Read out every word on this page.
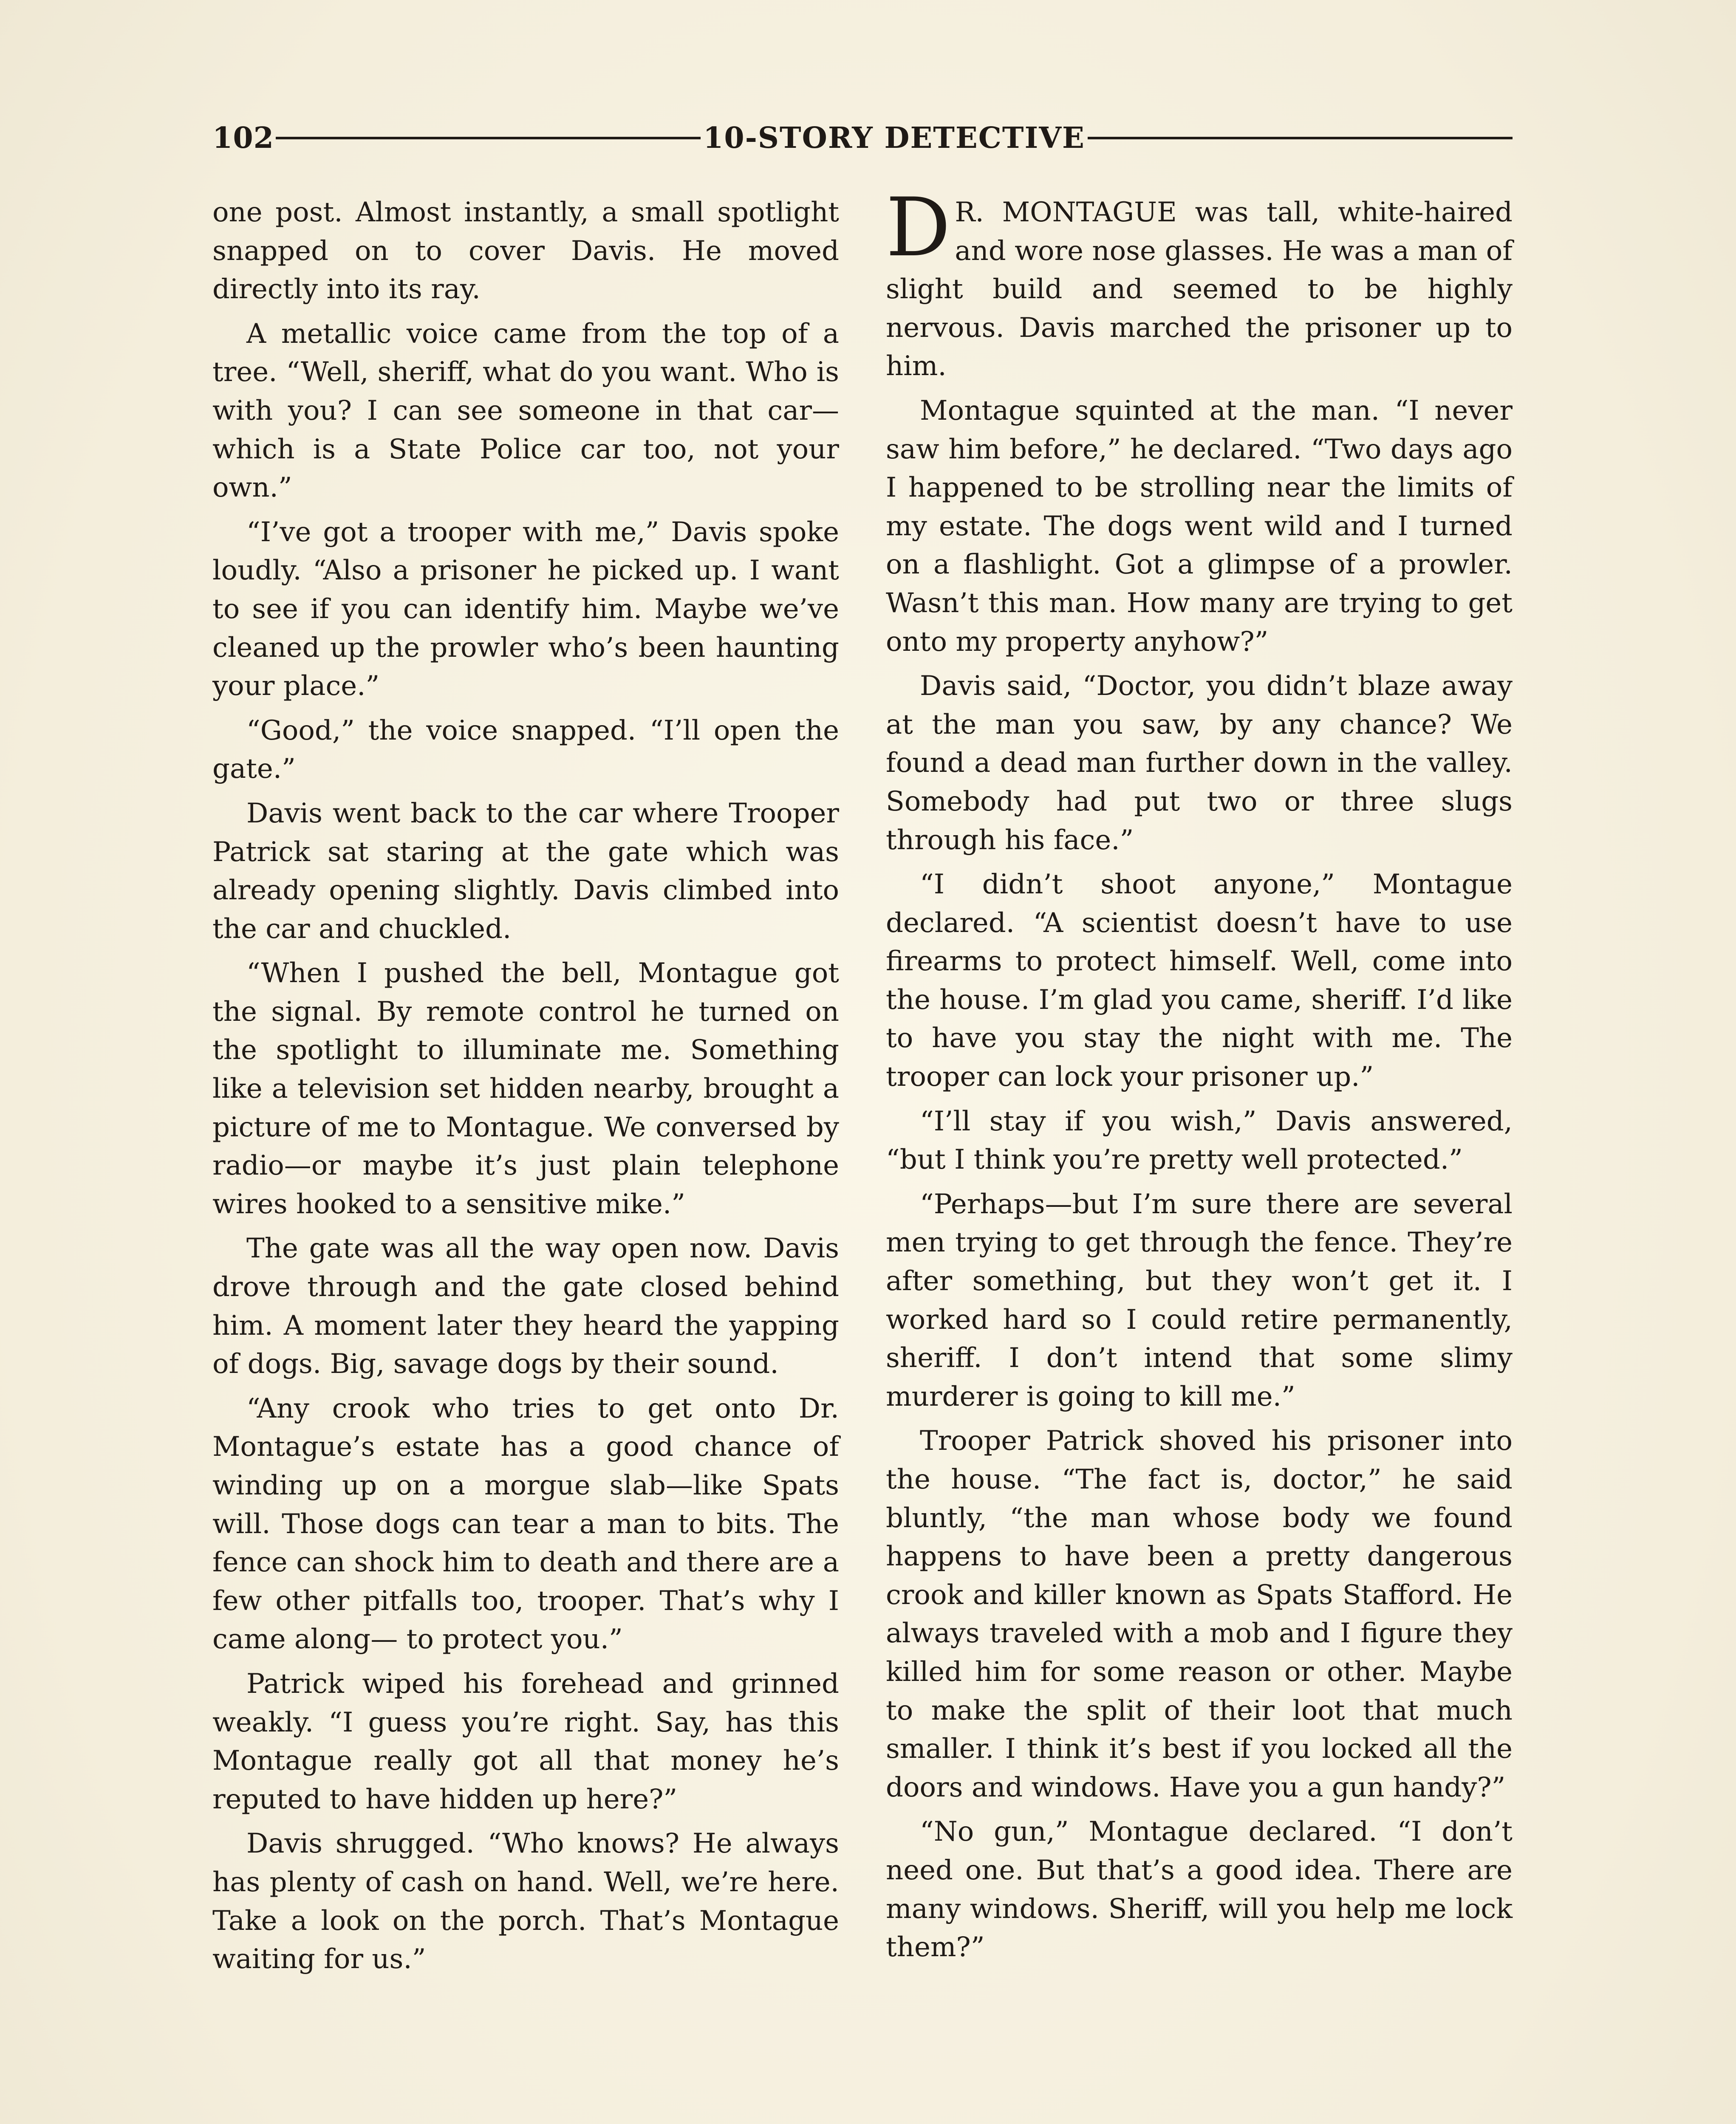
102	10-STORY DETECTIVE

one post. Almost instantly, a small spotlight snapped on to cover Davis. He moved directly into its ray.

A metallic voice came from the top of a tree. “Well, sheriff, what do you want. Who is with you? I can see someone in that car—which is a State Police car too, not your own.”

“I’ve got a trooper with me,” Davis spoke loudly. “Also a prisoner he picked up. I want to see if you can identify him. Maybe we’ve cleaned up the prowler who’s been haunting your place.”

“Good,” the voice snapped. “I’ll open the gate.”

Davis went back to the car where Trooper Patrick sat staring at the gate which was already opening slightly. Davis climbed into the car and chuckled.

“When I pushed the bell, Montague got the signal. By remote control he turned on the spotlight to illuminate me. Something like a television set hidden nearby, brought a picture of me to Montague. We conversed by radio—or maybe it’s just plain telephone wires hooked to a sensitive mike.”

The gate was all the way open now. Davis drove through and the gate closed behind him. A moment later they heard the yapping of dogs. Big, savage dogs by their sound.

“Any crook who tries to get onto Dr. Montague’s estate has a good chance of winding up on a morgue slab—like Spats will. Those dogs can tear a man to bits. The fence can shock him to death and there are a few other pitfalls too, trooper. That’s why I came along— to protect you.”

Patrick wiped his forehead and grinned weakly. “I guess you’re right. Say, has this Montague really got all that money he’s reputed to have hidden up here?”

Davis shrugged. “Who knows? He always has plenty of cash on hand. Well, we’re here. Take a look on the porch. That’s Montague waiting for us.”

D R. MONTAGUE was tall, white-haired and wore nose glasses. He was a man of slight build and seemed to be highly nervous. Davis marched the prisoner up to him.

Montague squinted at the man. “I never saw him before,” he declared. “Two days ago I happened to be strolling near the limits of my estate. The dogs went wild and I turned on a flashlight. Got a glimpse of a prowler. Wasn’t this man. How many are trying to get onto my property anyhow?”

Davis said, “Doctor, you didn’t blaze away at the man you saw, by any chance? We found a dead man further down in the valley. Somebody had put two or three slugs through his face.”

“I didn’t shoot anyone,” Montague declared. “A scientist doesn’t have to use firearms to protect himself. Well, come into the house. I’m glad you came, sheriff. I’d like to have you stay the night with me. The trooper can lock your prisoner up.”

“I’ll stay if you wish,” Davis answered, “but I think you’re pretty well protected.”

“Perhaps—but I’m sure there are several men trying to get through the fence. They’re after something, but they won’t get it. I worked hard so I could retire permanently, sheriff. I don’t intend that some slimy murderer is going to kill me.”

Trooper Patrick shoved his prisoner into the house. “The fact is, doctor,” he said bluntly, “the man whose body we found happens to have been a pretty dangerous crook and killer known as Spats Stafford. He always traveled with a mob and I figure they killed him for some reason or other. Maybe to make the split of their loot that much smaller. I think it’s best if you locked all the doors and windows. Have you a gun handy?”

“No gun,” Montague declared. “I don’t need one. But that’s a good idea. There are many windows. Sheriff, will you help me lock them?”
